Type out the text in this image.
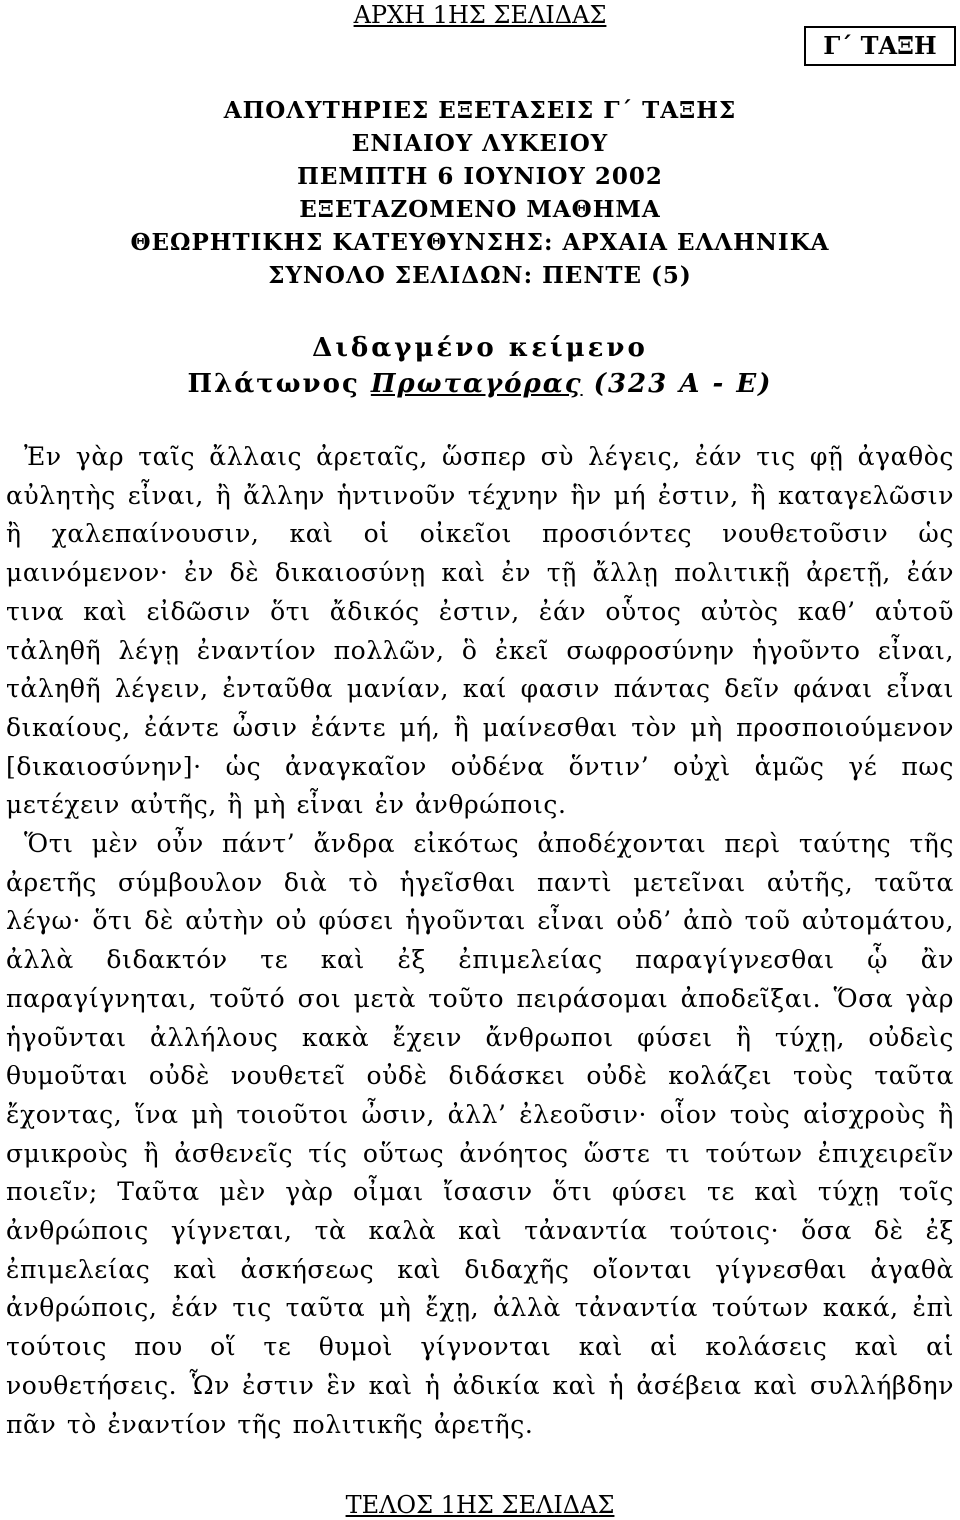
ΑΡΧΗ 1ΗΣ ΣΕΛΙΔΑΣ
Γ΄ ΤΑΞΗ
ΑΠΟΛΥΤΗΡΙΕΣ ΕΞΕΤΑΣΕΙΣ Γ΄ ΤΑΞΗΣ
ΕΝΙΑΙΟΥ ΛΥΚΕΙΟΥ
ΠΕΜΠΤΗ 6 ΙΟΥΝΙΟΥ 2002
ΕΞΕΤΑΖΟΜΕΝΟ ΜΑΘΗΜΑ
ΘΕΩΡΗΤΙΚΗΣ ΚΑΤΕΥΘΥΝΣΗΣ: ΑΡΧΑΙΑ ΕΛΛΗΝΙΚΑ
ΣΥΝΟΛΟ ΣΕΛΙΔΩΝ: ΠΕΝΤΕ (5)
Διδαγμένο κείμενο
Πλάτωνος Πρωταγόρας (323 A - E)

Ἐν γὰρ ταῖς ἄλλαις ἀρεταῖς, ὥσπερ σὺ λέγεις, ἐάν τις φῇ ἀγαθὸς αὐλητὴς εἶναι, ἢ ἄλλην ἡντινοῦν τέχνην ἣν μή ἐστιν, ἢ καταγελῶσιν ἢ χαλεπαίνουσιν, καὶ οἱ οἰκεῖοι προσιόντες νουθετοῦσιν ὡς μαινόμενον· ἐν δὲ δικαιοσύνῃ καὶ ἐν τῇ ἄλλῃ πολιτικῇ ἀρετῇ, ἐάν τινα καὶ εἰδῶσιν ὅτι ἄδικός ἐστιν, ἐάν οὗτος αὐτὸς καθ’ αὑτοῦ τἀληθῆ λέγῃ ἐναντίον πολλῶν, ὃ ἐκεῖ σωφροσύνην ἡγοῦντο εἶναι, τἀληθῆ λέγειν, ἐνταῦθα μανίαν, καί φασιν πάντας δεῖν φάναι εἶναι δικαίους, ἐάντε ὦσιν ἐάντε μή, ἢ μαίνεσθαι τὸν μὴ προσποιούμενον [δικαιοσύνην]· ὡς ἀναγκαῖον οὐδένα ὅντιν’ οὐχὶ ἁμῶς γέ πως μετέχειν αὐτῆς, ἢ μὴ εἶναι ἐν ἀνθρώποις.

Ὅτι μὲν οὖν πάντ’ ἄνδρα εἰκότως ἀποδέχονται περὶ ταύτης τῆς ἀρετῆς σύμβουλον διὰ τὸ ἡγεῖσθαι παντὶ μετεῖναι αὐτῆς, ταῦτα λέγω· ὅτι δὲ αὐτὴν οὐ φύσει ἡγοῦνται εἶναι οὐδ’ ἀπὸ τοῦ αὐτομάτου, ἀλλὰ διδακτόν τε καὶ ἐξ ἐπιμελείας παραγίγνεσθαι ᾧ ἂν παραγίγνηται, τοῦτό σοι μετὰ τοῦτο πειράσομαι ἀποδεῖξαι. Ὅσα γὰρ ἡγοῦνται ἀλλήλους κακὰ ἔχειν ἄνθρωποι φύσει ἢ τύχῃ, οὐδεὶς θυμοῦται οὐδὲ νουθετεῖ οὐδὲ διδάσκει οὐδὲ κολάζει τοὺς ταῦτα ἔχοντας, ἵνα μὴ τοιοῦτοι ὦσιν, ἀλλ’ ἐλεοῦσιν· οἷον τοὺς αἰσχροὺς ἢ σμικροὺς ἢ ἀσθενεῖς τίς οὕτως ἀνόητος ὥστε τι τούτων ἐπιχειρεῖν ποιεῖν; Ταῦτα μὲν γὰρ οἶμαι ἴσασιν ὅτι φύσει τε καὶ τύχῃ τοῖς ἀνθρώποις γίγνεται, τὰ καλὰ καὶ τἀναντία τούτοις· ὅσα δὲ ἐξ ἐπιμελείας καὶ ἀσκήσεως καὶ διδαχῆς οἴονται γίγνεσθαι ἀγαθὰ ἀνθρώποις, ἐάν τις ταῦτα μὴ ἔχῃ, ἀλλὰ τἀναντία τούτων κακά, ἐπὶ τούτοις που οἵ τε θυμοὶ γίγνονται καὶ αἱ κολάσεις καὶ αἱ νουθετήσεις. Ὧν ἐστιν ἓν καὶ ἡ ἀδικία καὶ ἡ ἀσέβεια καὶ συλλήβδην πᾶν τὸ ἐναντίον τῆς πολιτικῆς ἀρετῆς.

ΤΕΛΟΣ 1ΗΣ ΣΕΛΙΔΑΣ
